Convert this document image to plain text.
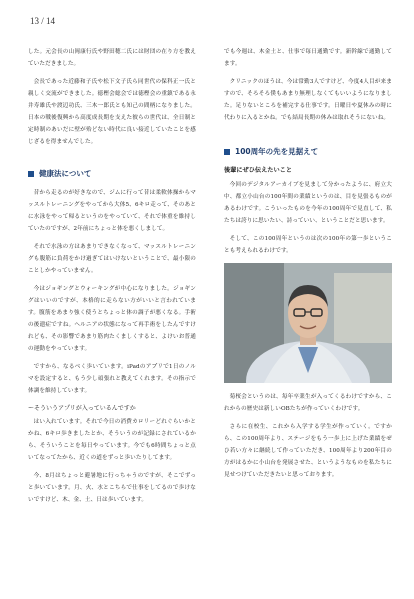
13 / 14

した。元会長の山岡康行氏や野田穂二氏には財団の在り方を教えていただきました。

会長であった近藤和子氏や松下文子氏ら同世代の保科正一氏と親しく交流ができました。徳樫会総会では徳樫会の重鎮である永井寿雄氏や渡辺功氏、三木一郎氏とも知己の間柄になりました。日本の戦後復興から高度成長期を支えた彼らの世代は、全日制と定時制のあいだに壁が殆どない時代に良い接近していたことを感じざるを得ませんでした。

健康法について

昔から走るのが好きなので、ジムに行って昔は柔軟体操からマッスルトレーニングをやってから大体5、6キロ走って、そのあとに水泳をやって帰るというのをやっていて、それで体重を維持していたのですが、2年前にちょっと体を悪くしまして。

それで水泳の方はあまりできなくなって、マッスルトレーニングも腹筋に負荷をかけ過ぎてはいけないということで、最小限のことしかやっていません。

今はジョギングとウォーキングが中心になりました。ジョギングはいいのですが、本格的に走らない方がいいと言われています。腹筋をあまり強く使うとちょっと体の調子が悪くなる。手術の後遺症ですね。ヘルニアの状態になって再手術をしたんですけれども、その影響であまり筋肉たくましくすると、よけいお普通の運動をやっています。

ですから、なるべく歩いています。iPadのアプリで1日のノルマを設定すると、もう少し頑張れと教えてくれます。その指示で体調を維持しています。

ーそういうアプリが入っているんですか

はい入れています。それで今日の消費カロリーどれぐらいかとかね、6キロ歩きましたとか、そういうのが記録にされているから、そういうことを毎日やっています。今でも6時間ちょっと点いてなってたから、近くの道をずっと歩いたりしてます。

今、8月はちょっと避暑地に行っちゃうのですが、そこでずっと歩いています。月、火、水とこちらで仕事をしてるので歩けないですけど、木、金、土、日は歩いています。

でも今週は、木金土と、仕事で毎日通勤です。新幹線で通勤してます。

クリニックのほうは、今は常勤3人ですけど、今度4人目が来ますので、そろそろ僕もあまり無理しなくてもいいようになりました。足りないところを補完する仕事です。日曜日や夏休みの時に代わりに入るとかね。でも結局長期の休みは取れそうにないね。

100周年の先を見据えて
後輩にぜひ伝えたいこと

今回のデジタルアーカイブを見まして分かったように、府立大中、都立小山台の100年間の業績というのは、目を見張るものがあるわけです。こういったものを今年の100周年で見直して、私たちは誇りに思いたい、詩っていい、ということだと思います。

そして、この100周年というのは次の100年の第一歩ということも考えられるわけです。

菊桜会というのは、毎年卒業生が入ってくるわけですから、これからの歴史は新しいOBたちが作っていくわけです。

さらに在校生、これから入学する学生が作っていく。ですから、この100周年より、ステージをもう一歩上に上げた業績をぜひ若い方々に継続して作っていただき、100周年より200年目の方がはるかに小山台を発展させた、というようなものを私たちに見せつけていただきたいと思っております。
